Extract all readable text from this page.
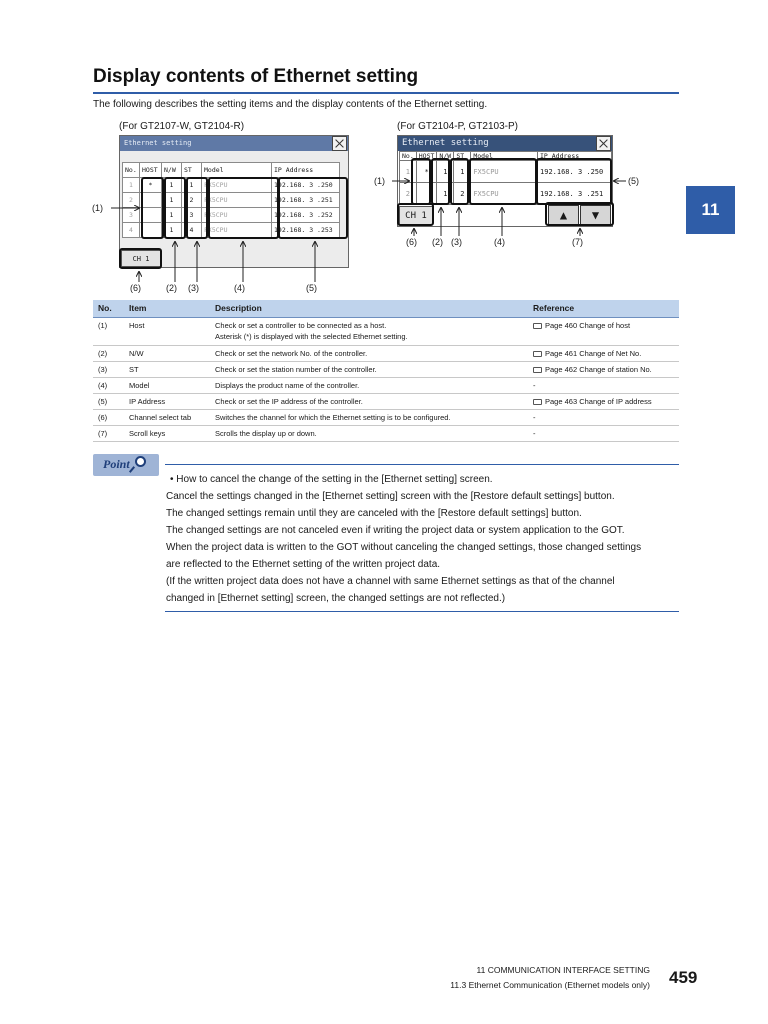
Display contents of Ethernet setting
The following describes the setting items and the display contents of the Ethernet setting.
11
(For GT2107-W, GT2104-R)	(For GT2104-P, GT2103-P)
Ethernet setting
No.	HOST	N/W	ST	Model	IP Address
1	*	1	1	FX5CPU	192.168. 3 .250
2		1	2	FX5CPU	192.168. 3 .251
3		1	3	FX5CPU	192.168. 3 .252
4		1	4	FX5CPU	192.168. 3 .253
CH 1
Ethernet setting
No.	HOST	N/W	ST	Model	IP Address
1	*	1	1	FX5CPU	192.168. 3 .250
2		1	2	FX5CPU	192.168. 3 .251
CH 1	▲ ▼
(1)
(2) (3)	(4)	(5)
(6)
(1)
(2) (3)	(4)
(5)
(6)	(7)
No.	Item	Description	Reference
(1)	Host	Check or set a controller to be connected as a host.
Asterisk (*) is displayed with the selected Ethernet setting.	Page 460 Change of host
(2)	N/W	Check or set the network No. of the controller.	Page 461 Change of Net No.
(3)	ST	Check or set the station number of the controller.	Page 462 Change of station No.
(4)	Model	Displays the product name of the controller.	-
(5)	IP Address	Check or set the IP address of the controller.	Page 463 Change of IP address
(6)	Channel select tab	Switches the channel for which the Ethernet setting is to be configured.	-
(7)	Scroll keys	Scrolls the display up or down.	-
Point
• How to cancel the change of the setting in the [Ethernet setting] screen.
Cancel the settings changed in the [Ethernet setting] screen with the [Restore default settings] button.
The changed settings remain until they are canceled with the [Restore default settings] button.
The changed settings are not canceled even if writing the project data or system application to the GOT.
When the project data is written to the GOT without canceling the changed settings, those changed settings
are reflected to the Ethernet setting of the written project data.
(If the written project data does not have a channel with same Ethernet settings as that of the channel
changed in [Ethernet setting] screen, the changed settings are not reflected.)
11 COMMUNICATION INTERFACE SETTING
11.3 Ethernet Communication (Ethernet models only) 459
